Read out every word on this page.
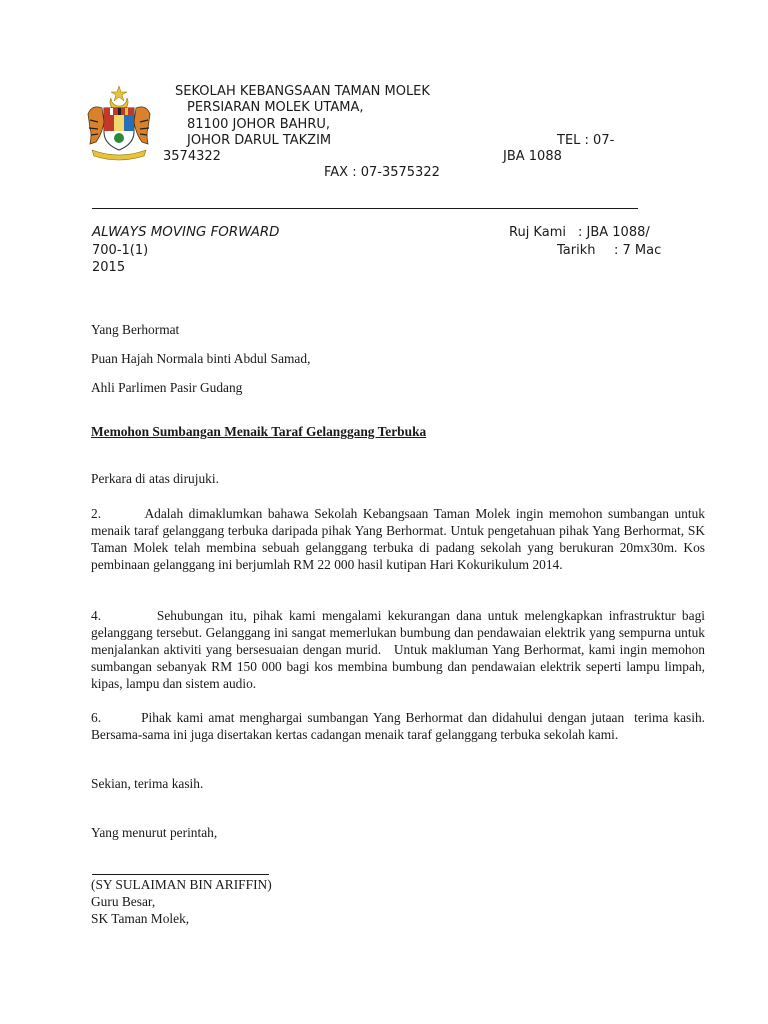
SEKOLAH KEBANGSAAN TAMAN MOLEK
PERSIARAN MOLEK UTAMA,
81100 JOHOR BAHRU,
JOHOR DARUL TAKZIM	TEL : 07-
3574322	JBA 1088
FAX : 07-3575322
ALWAYS MOVING FORWARD	Ruj Kami : JBA 1088/
700-1(1)	Tarikh : 7 Mac
2015
Yang Berhormat
Puan Hajah Normala binti Abdul Samad,
Ahli Parlimen Pasir Gudang
Memohon Sumbangan Menaik Taraf Gelanggang Terbuka
Perkara di atas dirujuki.
2.        Adalah dimaklumkan bahawa Sekolah Kebangsaan Taman Molek ingin memohon sumbangan untuk menaik taraf gelanggang terbuka daripada pihak Yang Berhormat. Untuk pengetahuan pihak Yang Berhormat, SK Taman Molek telah membina sebuah gelanggang terbuka di padang sekolah yang berukuran 20mx30m. Kos pembinaan gelanggang ini berjumlah RM 22 000 hasil kutipan Hari Kokurikulum 2014.
4.         Sehubungan itu, pihak kami mengalami kekurangan dana untuk melengkapkan infrastruktur bagi gelanggang tersebut. Gelanggang ini sangat memerlukan bumbung dan pendawaian elektrik yang sempurna untuk menjalankan aktiviti yang bersesuaian dengan murid.   Untuk makluman Yang Berhormat, kami ingin memohon sumbangan sebanyak RM 150 000 bagi kos membina bumbung dan pendawaian elektrik seperti lampu limpah, kipas, lampu dan sistem audio.
6.        Pihak kami amat menghargai sumbangan Yang Berhormat dan didahului dengan jutaan  terima kasih.  Bersama-sama ini juga disertakan kertas cadangan menaik taraf gelanggang terbuka sekolah kami.
Sekian, terima kasih.
Yang menurut perintah,
(SY SULAIMAN BIN ARIFFIN)
Guru Besar,
SK Taman Molek,
